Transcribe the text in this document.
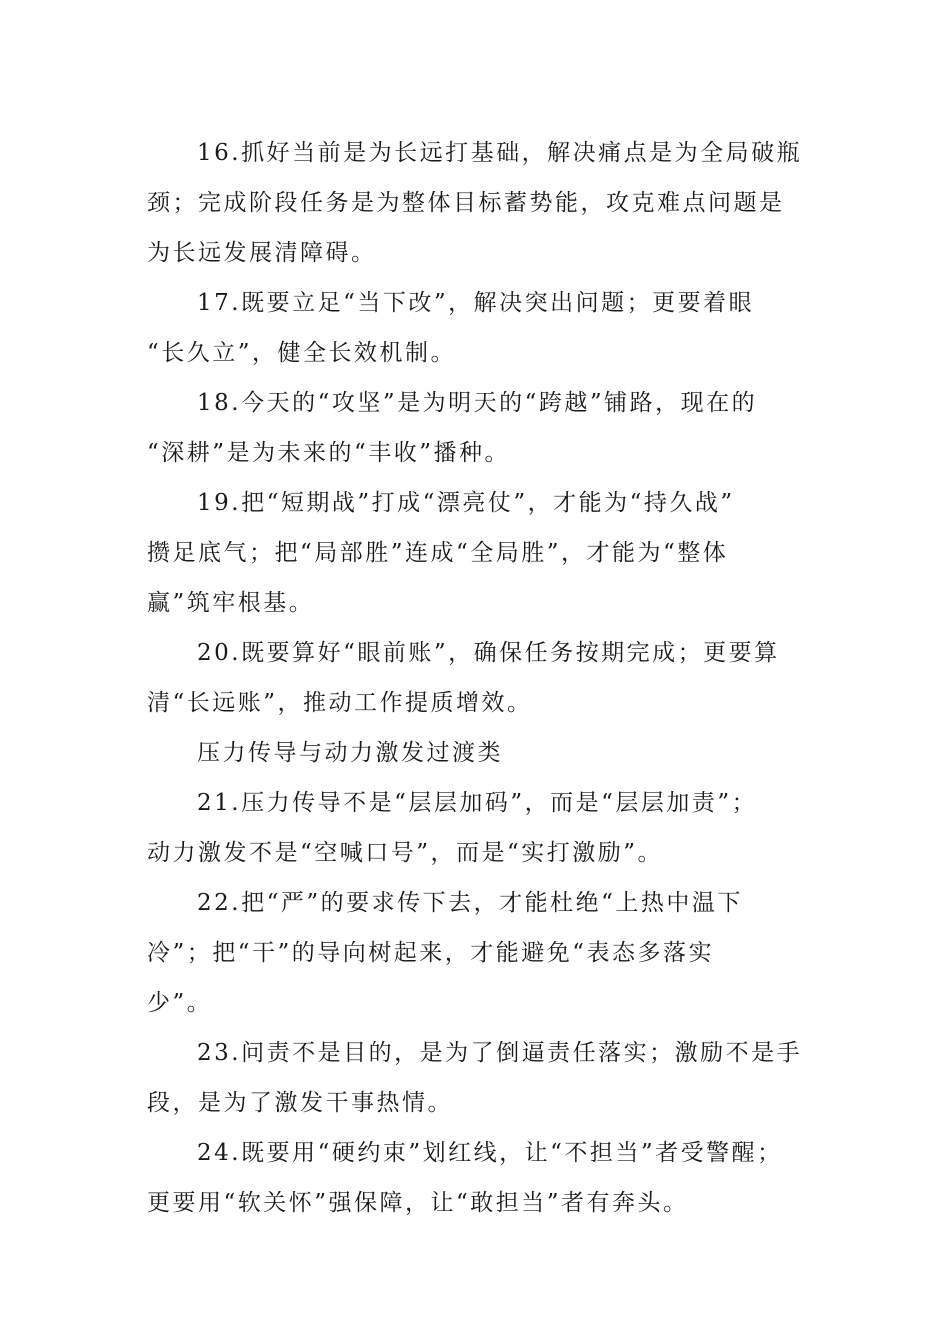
16.抓好当前是为长远打基础，解决痛点是为全局破瓶
颈；完成阶段任务是为整体目标蓄势能，攻克难点问题是
为长远发展清障碍。

17.既要立足“当下改”，解决突出问题；更要着眼
“长久立”，健全长效机制。

18.今天的“攻坚”是为明天的“跨越”铺路，现在的
“深耕”是为未来的“丰收”播种。

19.把“短期战”打成“漂亮仗”，才能为“持久战”
攒足底气；把“局部胜”连成“全局胜”，才能为“整体
赢”筑牢根基。

20.既要算好“眼前账”，确保任务按期完成；更要算
清“长远账”，推动工作提质增效。

压力传导与动力激发过渡类

21.压力传导不是“层层加码”，而是“层层加责”；
动力激发不是“空喊口号”，而是“实打激励”。

22.把“严”的要求传下去，才能杜绝“上热中温下
冷”；把“干”的导向树起来，才能避免“表态多落实
少”。

23.问责不是目的，是为了倒逼责任落实；激励不是手
段，是为了激发干事热情。

24.既要用“硬约束”划红线，让“不担当”者受警醒；
更要用“软关怀”强保障，让“敢担当”者有奔头。
